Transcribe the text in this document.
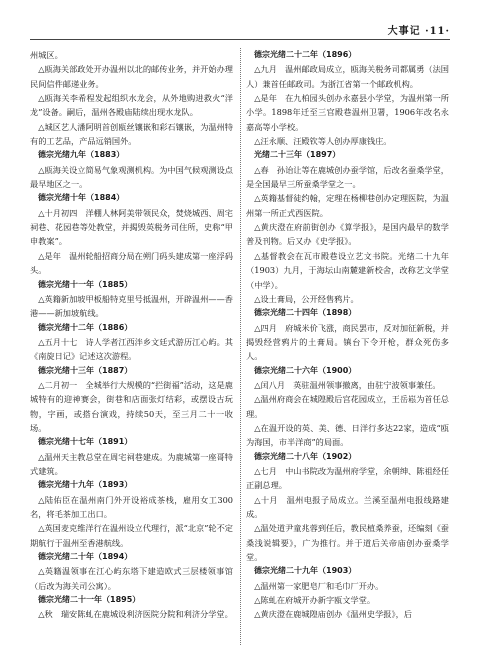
大事记 ·11·
州城区。
△瓯海关部政处开办温州以北的邮传业务，并开始办理民间信件邮递业务。
△瓯海关李希程发起组织水龙会，从外地购进救火“洋龙”设备。嗣后，温州各殿庙陆续出现水龙队。
△城区艺人潘阿明首创瓯丝镶嵌和彩石镶嵌，为温州特有的工艺品，产品远销国外。
德宗光绪九年（1883）
△瓯海关设立简易气象观测机构。为中国气候观测设点最早地区之一。
德宗光绪十年（1884）
△十月初四　洋棚人林阿美带领民众，焚烧城西、周宅祠巷、花园巷等处教堂，并揭毁英税务司住所，史称“甲申教案”。
△是年　温州轮船招商分局在朔门码头建成第一座浮码头。
德宗光绪十一年（1885）
△英籍新加坡甲板船特克里号抵温州，开辟温州——香港——新加坡航线。
德宗光绪十二年（1886）
△五月十七　诗人学者江西泮乡文廷式游历江心屿。其《南旋日记》记述这次游程。
德宗光绪十三年（1887）
△二月初一　全城举行大规模的“拦街福”活动，这是鹿城特有的迎神赛会，街巷和店面张灯结彩，或摆设古玩物，字画，或搭台演戏，持续50天，至三月二十一收场。
德宗光绪十七年（1891）
△温州天主教总堂在周宅祠巷建成。为鹿城第一座哥特式建筑。
德宗光绪十九年（1893）
△陆佑臣在温州南门外开设裕成茶栈，雇用女工300名，将毛茶加工出口。
△英国麦克维洋行在温州设立代理行，派“北京”轮不定期航行于温州至香港航线。
德宗光绪二十年（1894）
△英籍温领事在江心屿东塔下建造欧式三层楼领事馆（后改为海关司公寓）。
德宗光绪二十一年（1895）
△秋　瑞安陈虬在鹿城设利济医院分院和利济分学堂。
德宗光绪二十二年（1896）
△九月　温州邮政局成立，瓯海关税务司都属勇（法国人）兼首任邮政司。为浙江省第一个邮政机构。
△是年　在九柏园头创办永嘉县小学堂，为温州第一所小学。1898年迁至三官殿巷温州卫署，1906年改名永嘉高等小学校。
△汪永顺、汪殿钦等人创办厚康钱庄。
光绪二十三年（1897）
△春　孙诒让等在鹿城创办蚕学馆，后改名蚕桑学堂，是全国最早三所蚕桑学堂之一。
△英籍基督徒约翰，定理在杨柳巷创办定理医院，为温州第一所正式西医院。
△黄庆澄在府前街创办《算学报》，是国内最早的数学普及刊物。后又办《史学报》。
△基督教会在瓦市殿巷设立艺文书院。光绪二十九年（1903）九月，于海坛山南麓建新校舍，改称艺文学堂（中学）。
△设土膏局，公开经售鸦片。
德宗光绪二十四年（1898）
△四月　府城米价飞涨，商民罢市，反对加征新税，并揭毁经营鸦片的土膏局。镇台下令开枪，群众死伤多人。
德宗光绪二十六年（1900）
△闰八月　英驻温州领事撤离，由驻宁波领事兼任。
△温州府商会在城隍殿后宫花园成立，王岳崧为首任总理。
△在温开设的英、美、德、日洋行多达22家，造成“瓯为海国，市半洋商”的局面。
德宗光绪二十八年（1902）
△七月　中山书院改为温州府学堂，余朝绅、陈祖经任正副总理。
△十月　温州电报子局成立。兰溪至温州电报线路建成。
△温处道尹童兆蓉到任后，教民植桑养蚕，还编刻《蚕桑浅说辑要》，广为推行。并于道后关帝庙创办蚕桑学堂。
德宗光绪二十九年（1903）
△温州第一家肥皂厂和毛巾厂开办。
△陈虬在府城开办新字瓯文学堂。
△黄庆澄在鹿城隍庙创办《温州史学报》，后
